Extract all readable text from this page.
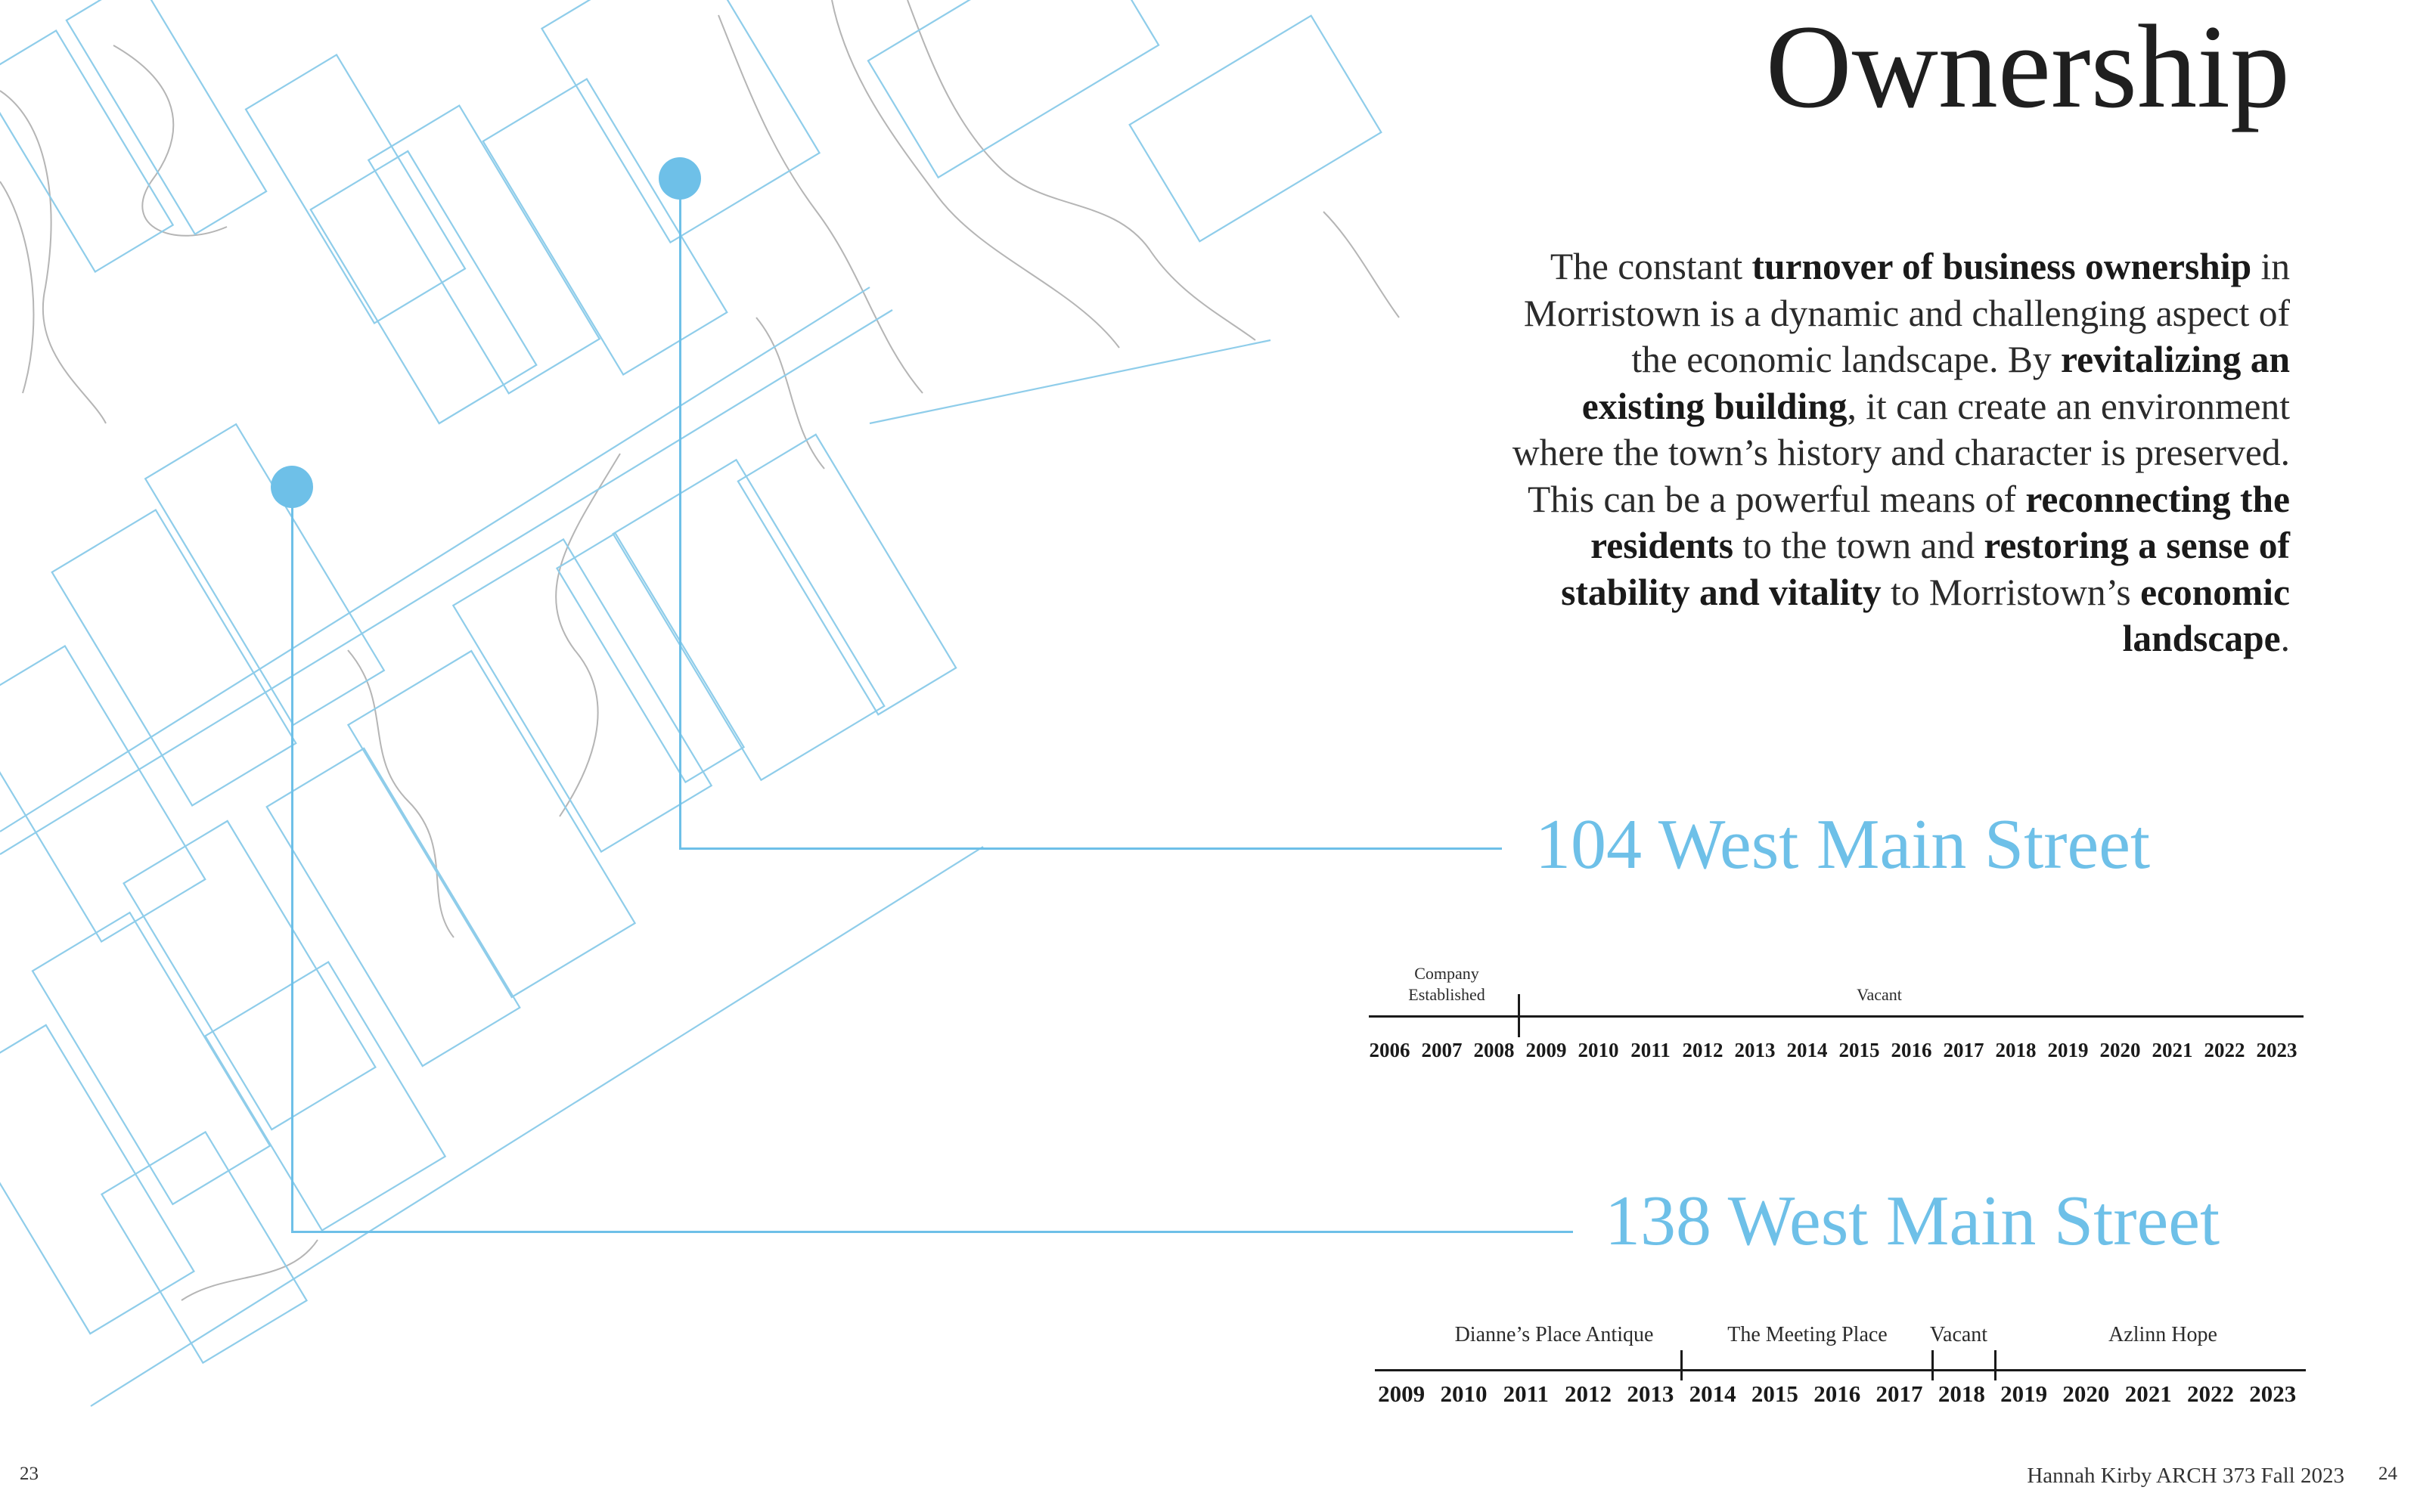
Ownership
The constant turnover of business ownership in Morristown is a dynamic and challenging aspect of the economic landscape. By revitalizing an existing building, it can create an environment where the town’s history and character is preserved. This can be a powerful means of reconnecting the residents to the town and restoring a sense of stability and vitality to Morristown’s economic landscape.
104 West Main Street
138 West Main Street
Company Established	Vacant
2006 2007 2008 2009 2010 2011 2012 2013 2014 2015 2016 2017 2018 2019 2020 2021 2022 2023
Dianne’s Place Antique	The Meeting Place	Vacant	Azlinn Hope
2009 2010 2011 2012 2013 2014 2015 2016 2017 2018 2019 2020 2021 2022 2023
23	Hannah Kirby ARCH 373 Fall 2023 24
